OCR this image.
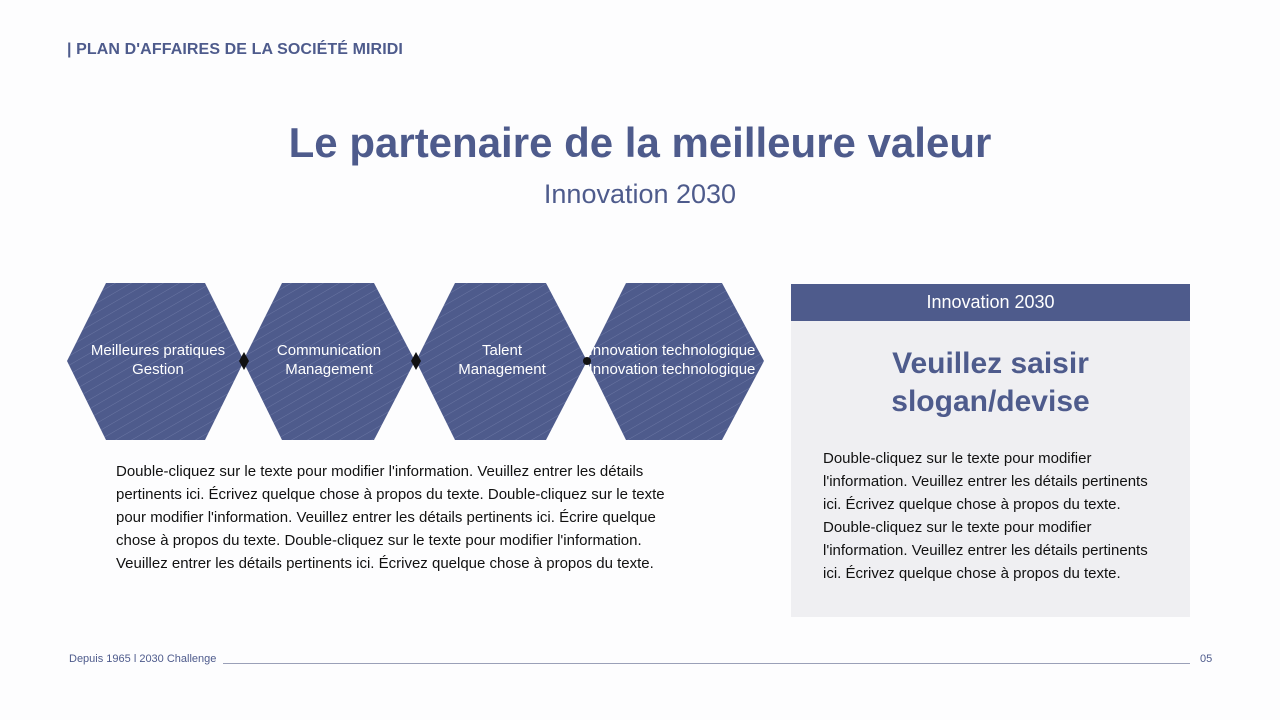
| PLAN D'AFFAIRES DE LA SOCIÉTÉ MIRIDI
Le partenaire de la meilleure valeur
Innovation 2030
Meilleures pratiques
Gestion
Communication
Management
Talent
Management
Innovation technologique
Innovation technologique
Double-cliquez sur le texte pour modifier l'information. Veuillez entrer les détails pertinents ici. Écrivez quelque chose à propos du texte. Double-cliquez sur le texte pour modifier l'information. Veuillez entrer les détails pertinents ici. Écrire quelque chose à propos du texte. Double-cliquez sur le texte pour modifier l'information. Veuillez entrer les détails pertinents ici. Écrivez quelque chose à propos du texte.
Innovation 2030
Veuillez saisir
slogan/devise
Double-cliquez sur le texte pour modifier l'information. Veuillez entrer les détails pertinents ici. Écrivez quelque chose à propos du texte. Double-cliquez sur le texte pour modifier l'information. Veuillez entrer les détails pertinents ici. Écrivez quelque chose à propos du texte.
Depuis 1965 l 2030 Challenge	05
